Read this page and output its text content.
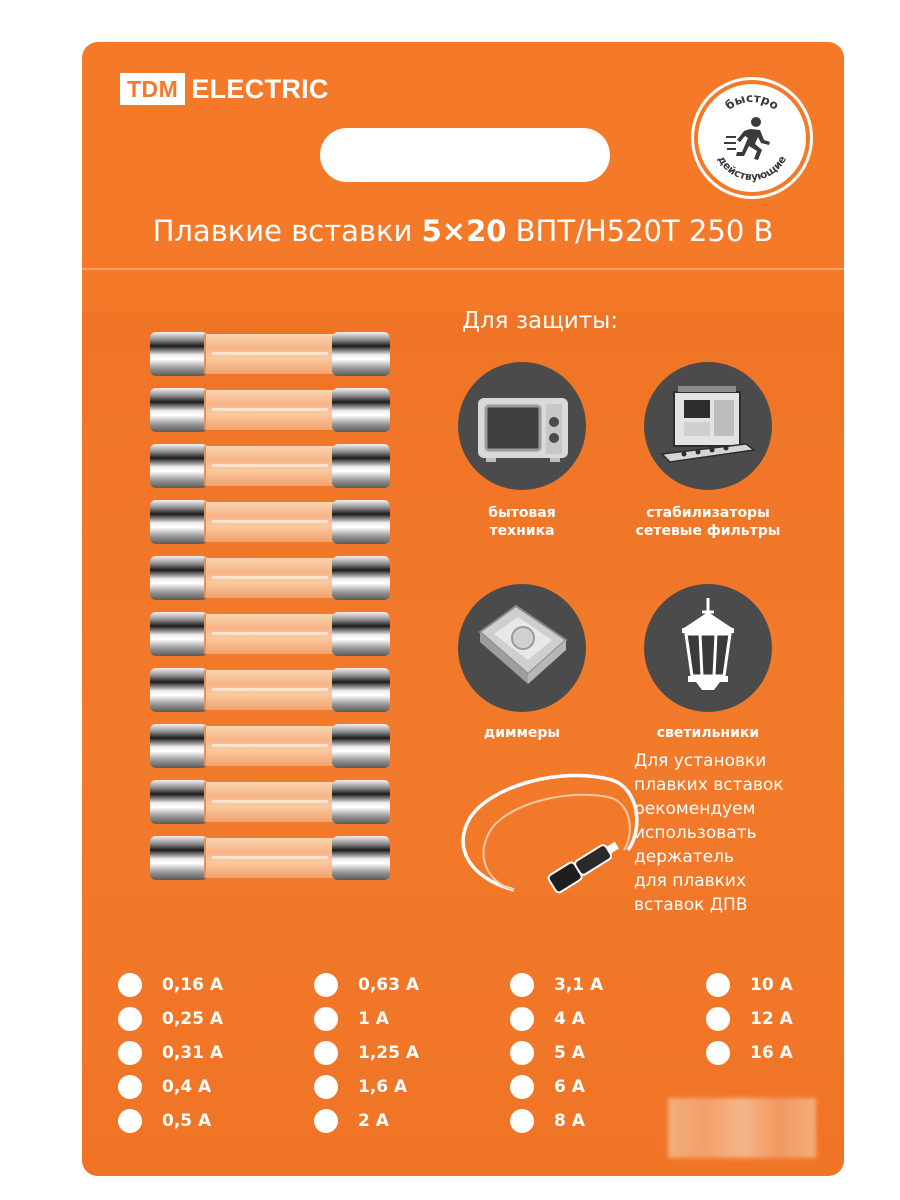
TDM ELECTRIC
быстро
действующие
Плавкие вставки 5×20 ВПТ/Н520Т 250 В
Для защиты:
бытовая
техника
стабилизаторы
сетевые фильтры
диммеры	светильники
Для установки
плавких вставок
рекомендуем
использовать
держатель
для плавких
вставок ДПВ
0,16 А
0,25 А
0,31 А
0,4 А
0,5 А
0,63 А
1 А
1,25 А
1,6 А
2 А
3,1 А
4 А
5 А
6 А
8 А
10 А
12 А
16 А
